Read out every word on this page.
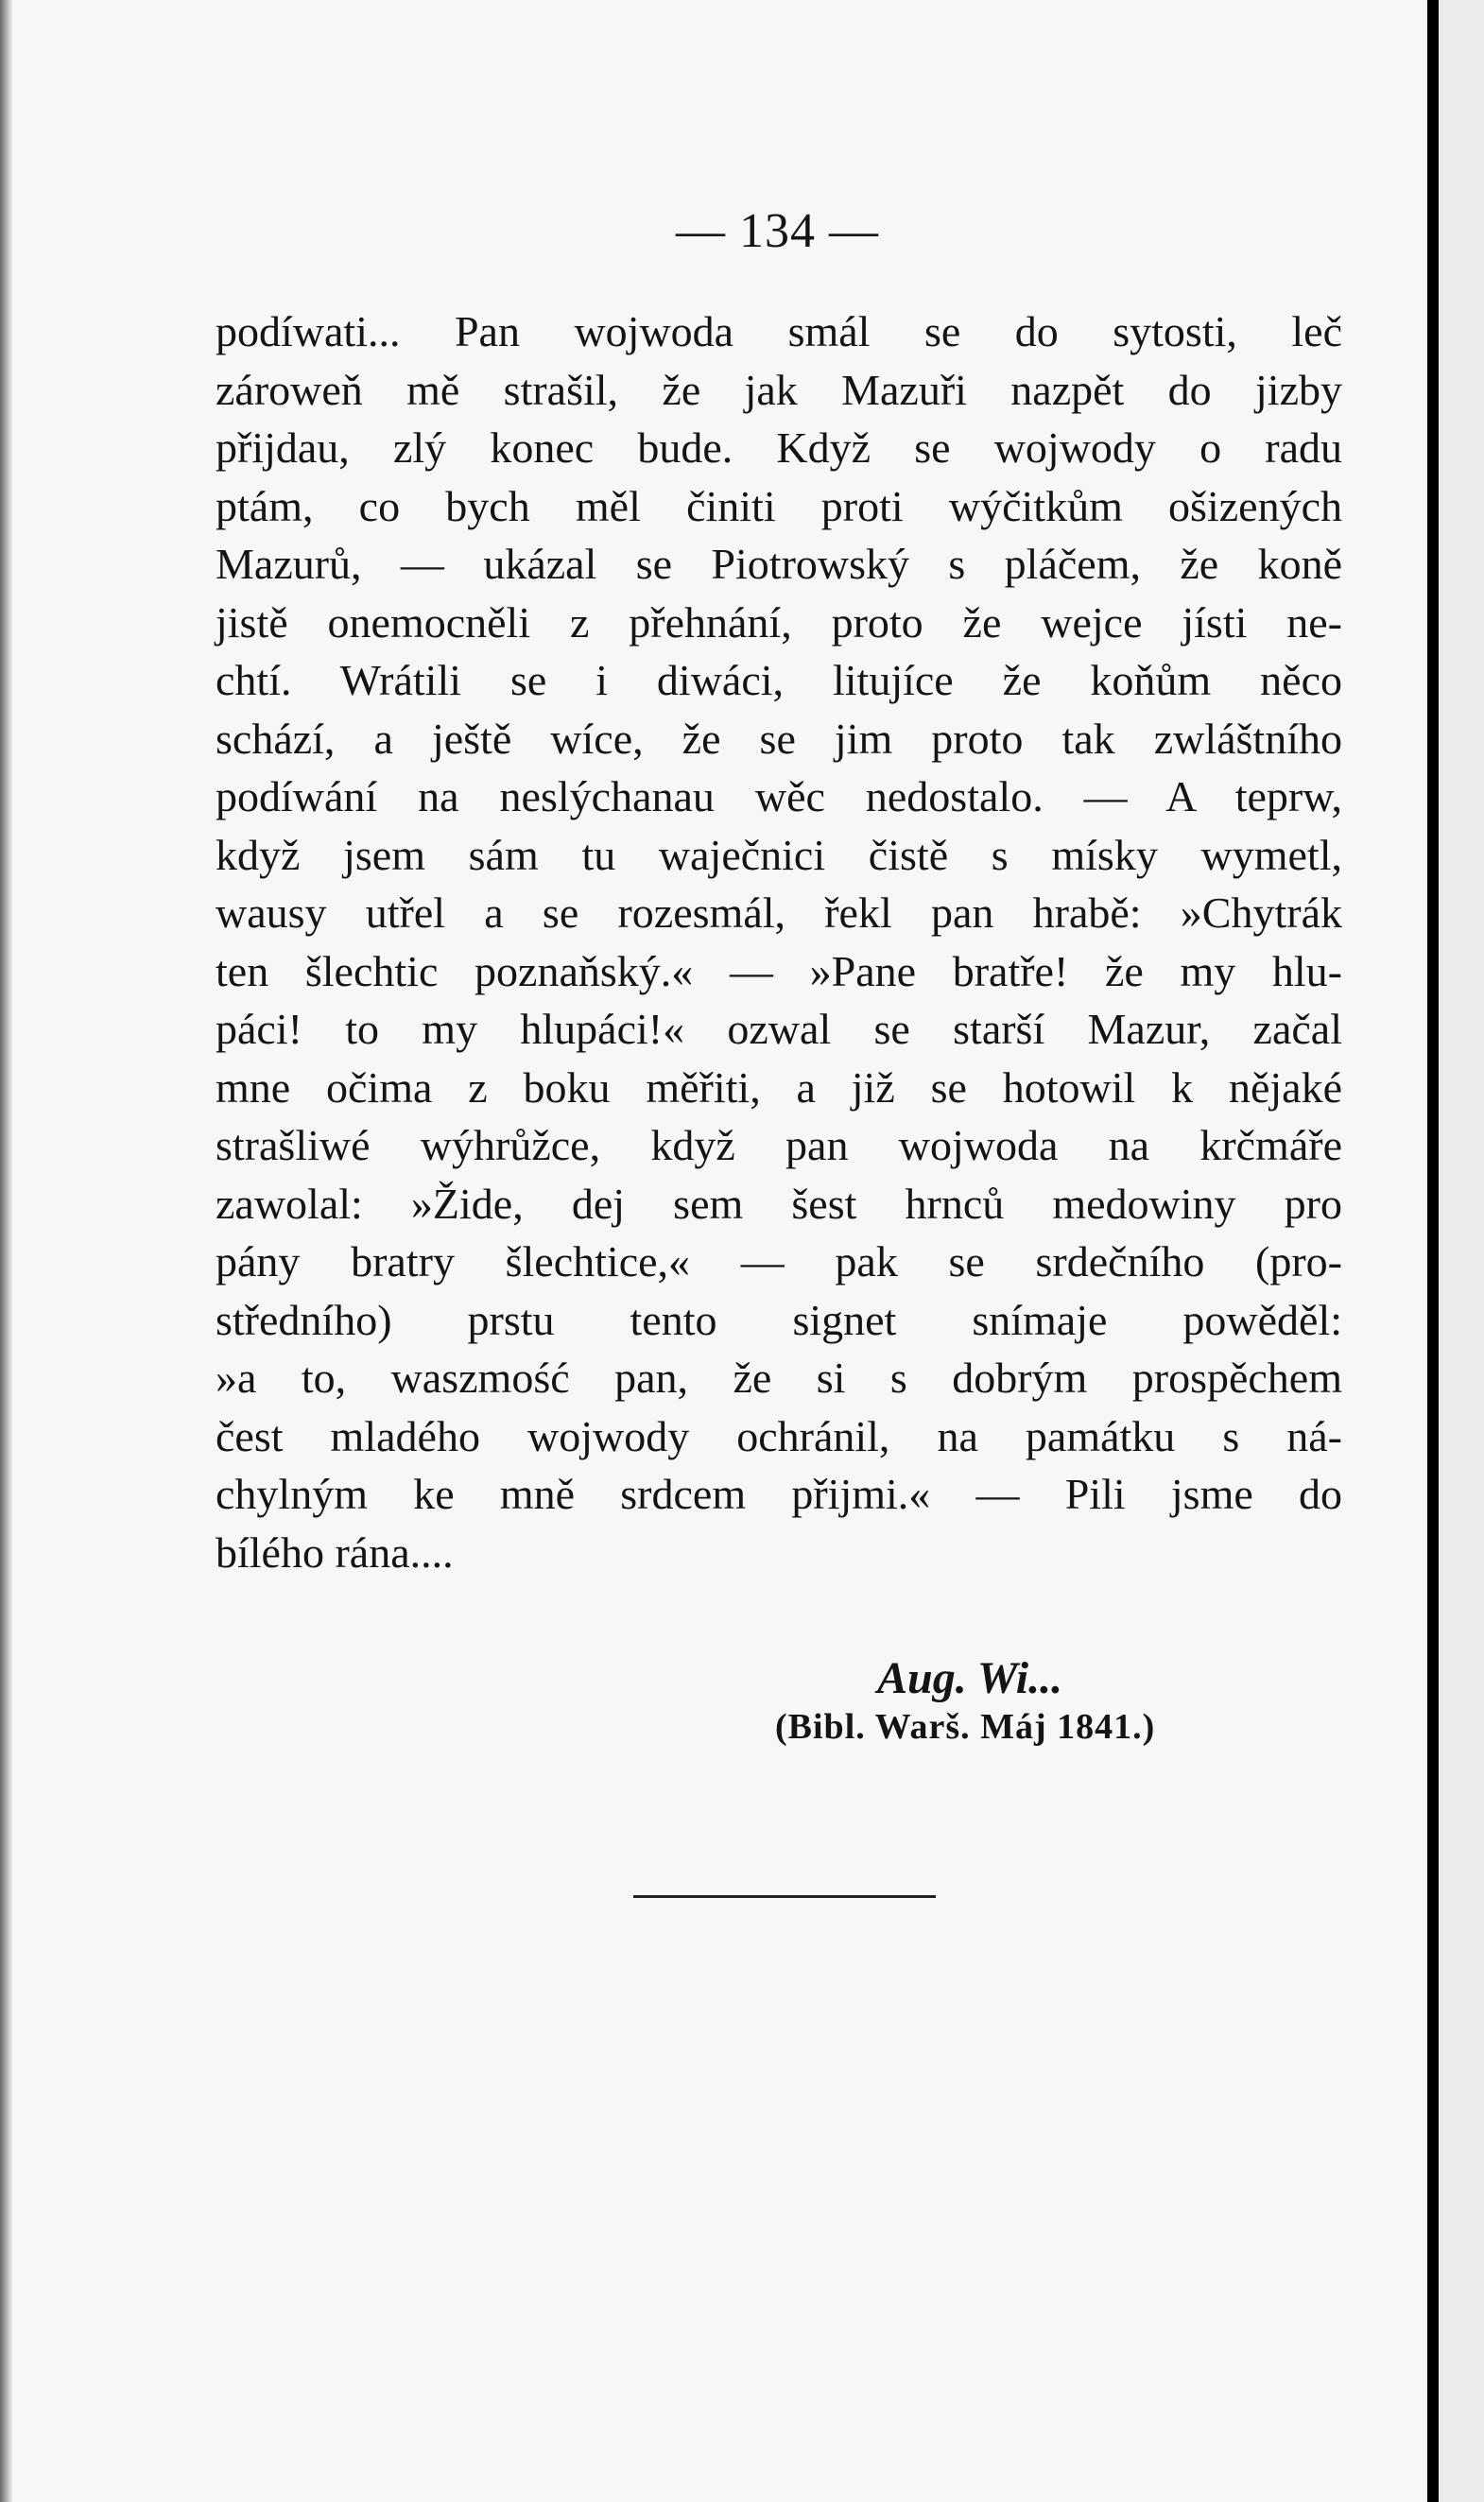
— 134 —
podíwati... Pan wojwoda smál se do sytosti, leč
zároweň mě strašil, že jak Mazuři nazpět do jizby
přijdau, zlý konec bude. Když se wojwody o radu
ptám, co bych měl činiti proti wýčitkům ošizených
Mazurů, — ukázal se Piotrowský s pláčem, že koně
jistě onemocněli z přehnání, proto že wejce jísti ne-
chtí. Wrátili se i diwáci, litujíce že koňům něco
schází, a ještě wíce, že se jim proto tak zwláštního
podíwání na neslýchanau wěc nedostalo. — A teprw,
když jsem sám tu waječnici čistě s mísky wymetl,
wausy utřel a se rozesmál, řekl pan hrabě: »Chytrák
ten šlechtic poznaňský.« — »Pane bratře! že my hlu-
páci! to my hlupáci!« ozwal se starší Mazur, začal
mne očima z boku měřiti, a již se hotowil k nějaké
strašliwé wýhrůžce, když pan wojwoda na krčmáře
zawolal: »Žide, dej sem šest hrnců medowiny pro
pány bratry šlechtice,« — pak se srdečního (pro-
středního) prstu tento signet snímaje powěděl:
»a to, waszmość pan, že si s dobrým prospěchem
čest mladého wojwody ochránil, na památku s ná-
chylným ke mně srdcem přijmi.« — Pili jsme do
bílého rána....
Aug. Wi...
(Bibl. Warš. Máj 1841.)
